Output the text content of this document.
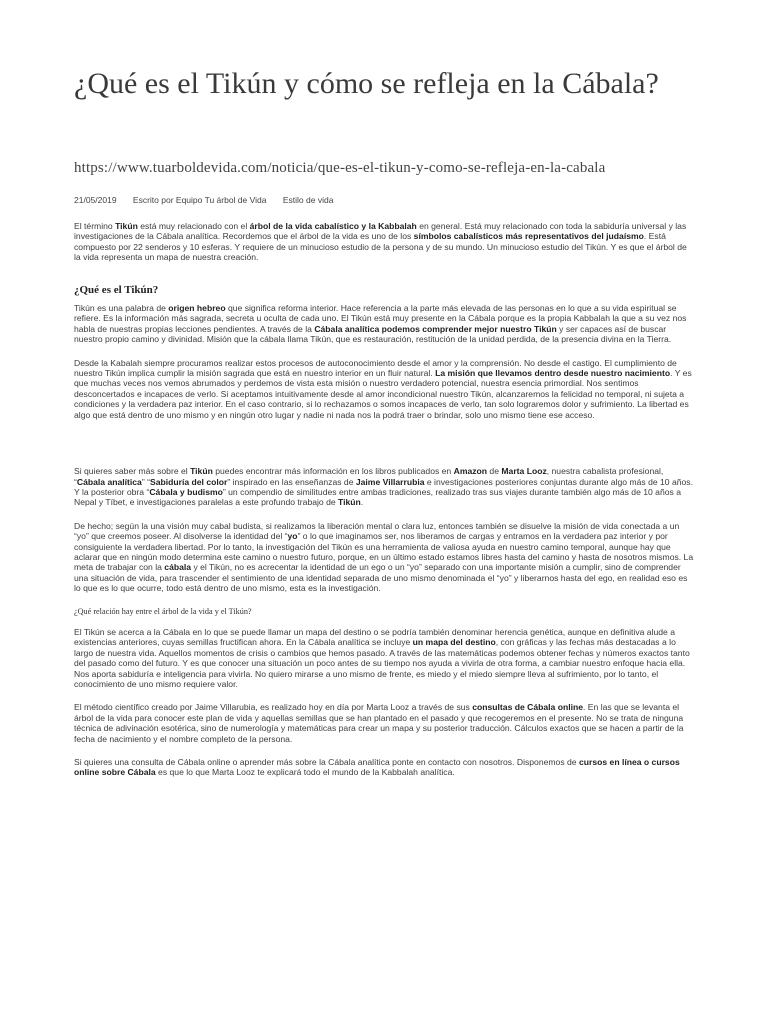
¿Qué es el Tikún y cómo se refleja en la Cábala?
https://www.tuarboldevida.com/noticia/que-es-el-tikun-y-como-se-refleja-en-la-cabala
21/05/2019 Escrito por Equipo Tu árbol de Vida Estilo de vida

El término Tikún está muy relacionado con el árbol de la vida cabalístico y la Kabbalah en general. Está muy relacionado con toda la sabiduría universal y las investigaciones de la Cábala analítica. Recordemos que el árbol de la vida es uno de los símbolos cabalísticos más representativos del judaísmo. Está compuesto por 22 senderos y 10 esferas. Y requiere de un minucioso estudio de la persona y de su mundo. Un minucioso estudio del Tikún. Y es que el árbol de la vida representa un mapa de nuestra creación.

¿Qué es el Tikún?

Tikún es una palabra de origen hebreo que significa reforma interior. Hace referencia a la parte más elevada de las personas en lo que a su vida espiritual se refiere. Es la información más sagrada, secreta u oculta de cada uno. El Tikún está muy presente en la Cábala porque es la propia Kabbalah la que a su vez nos habla de nuestras propias lecciones pendientes. A través de la Cábala analítica podemos comprender mejor nuestro Tikún y ser capaces así de buscar nuestro propio camino y divinidad. Misión que la cábala llama Tikún, que es restauración, restitución de la unidad perdida, de la presencia divina en la Tierra.

Desde la Kabalah siempre procuramos realizar estos procesos de autoconocimiento desde el amor y la comprensión. No desde el castigo. El cumplimiento de nuestro Tikún implica cumplir la misión sagrada que está en nuestro interior en un fluir natural. La misión que llevamos dentro desde nuestro nacimiento. Y es que muchas veces nos vemos abrumados y perdemos de vista esta misión o nuestro verdadero potencial, nuestra esencia primordial. Nos sentimos desconcertados e incapaces de verlo. Si aceptamos intuitivamente desde al amor incondicional nuestro Tikún, alcanzaremos la felicidad no temporal, ni sujeta a condiciones y la verdadera paz interior. En el caso contrario, si lo rechazamos o somos incapaces de verlo, tan solo lograremos dolor y sufrimiento. La libertad es algo que está dentro de uno mismo y en ningún otro lugar y nadie ni nada nos la podrá traer o brindar, solo uno mismo tiene ese acceso.

Si quieres saber más sobre el Tikún puedes encontrar más información en los libros publicados en Amazon de Marta Looz, nuestra cabalista profesional, “Cábala analítica” “Sabiduría del color” inspirado en las enseñanzas de Jaime Villarrubia e investigaciones posteriores conjuntas durante algo más de 10 años. Y la posterior obra “Cábala y budismo” un compendio de similitudes entre ambas tradiciones, realizado tras sus viajes durante también algo más de 10 años a Nepal y Tíbet, e investigaciones paralelas a este profundo trabajo de Tikún.

De hecho; según la una visión muy cabal budista, si realizamos la liberación mental o clara luz, entonces también se disuelve la misión de vida conectada a un “yo” que creemos poseer. Al disolverse la identidad del “yo” o lo que imaginamos ser, nos liberamos de cargas y entramos en la verdadera paz interior y por consiguiente la verdadera libertad. Por lo tanto, la investigación del Tikún es una herramienta de valiosa ayuda en nuestro camino temporal, aunque hay que aclarar que en ningún modo determina este camino o nuestro futuro, porque, en un último estado estamos libres hasta del camino y hasta de nosotros mismos. La meta de trabajar con la cábala y el Tikún, no es acrecentar la identidad de un ego o un “yo” separado con una importante misión a cumplir, sino de comprender una situación de vida, para trascender el sentimiento de una identidad separada de uno mismo denominada el “yo” y liberarnos hasta del ego, en realidad eso es lo que es lo que ocurre, todo está dentro de uno mismo, esta es la investigación.

¿Qué relación hay entre el árbol de la vida y el Tikún?

El Tikún se acerca a la Cábala en lo que se puede llamar un mapa del destino o se podría también denominar herencia genética, aunque en definitiva alude a existencias anteriores, cuyas semillas fructifican ahora. En la Cábala analítica se incluye un mapa del destino, con gráficas y las fechas más destacadas a lo largo de nuestra vida. Aquellos momentos de crisis o cambios que hemos pasado. A través de las matemáticas podemos obtener fechas y números exactos tanto del pasado como del futuro. Y es que conocer una situación un poco antes de su tiempo nos ayuda a vivirla de otra forma, a cambiar nuestro enfoque hacia ella. Nos aporta sabiduría e inteligencia para vivirla. No quiero mirarse a uno mismo de frente, es miedo y el miedo siempre lleva al sufrimiento, por lo tanto, el conocimiento de uno mismo requiere valor.

El método científico creado por Jaime Villarubia, es realizado hoy en día por Marta Looz a través de sus consultas de Cábala online. En las que se levanta el árbol de la vida para conocer este plan de vida y aquellas semillas que se han plantado en el pasado y que recogeremos en el presente. No se trata de ninguna técnica de adivinación esotérica, sino de numerología y matemáticas para crear un mapa y su posterior traducción. Cálculos exactos que se hacen a partir de la fecha de nacimiento y el nombre completo de la persona.

Si quieres una consulta de Cábala online o aprender más sobre la Cábala analítica ponte en contacto con nosotros. Disponemos de cursos en línea o cursos online sobre Cábala es que lo que Marta Looz te explicará todo el mundo de la Kabbalah analítica.
